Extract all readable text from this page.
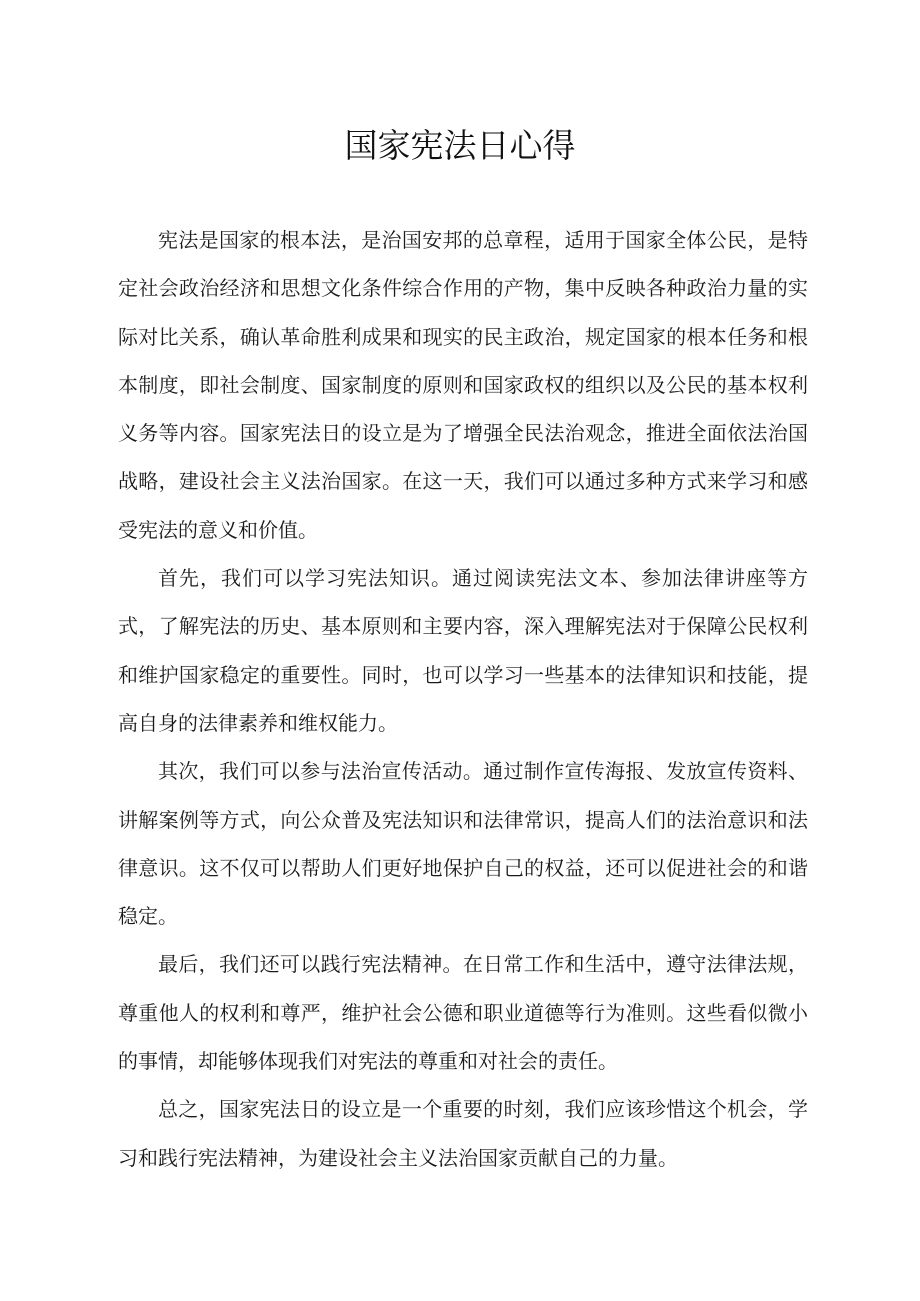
国家宪法日心得

宪法是国家的根本法，是治国安邦的总章程，适用于国家全体公民，是特定社会政治经济和思想文化条件综合作用的产物，集中反映各种政治力量的实际对比关系，确认革命胜利成果和现实的民主政治，规定国家的根本任务和根本制度，即社会制度、国家制度的原则和国家政权的组织以及公民的基本权利义务等内容。国家宪法日的设立是为了增强全民法治观念，推进全面依法治国战略，建设社会主义法治国家。在这一天，我们可以通过多种方式来学习和感受宪法的意义和价值。

首先，我们可以学习宪法知识。通过阅读宪法文本、参加法律讲座等方式，了解宪法的历史、基本原则和主要内容，深入理解宪法对于保障公民权利和维护国家稳定的重要性。同时，也可以学习一些基本的法律知识和技能，提高自身的法律素养和维权能力。

其次，我们可以参与法治宣传活动。通过制作宣传海报、发放宣传资料、讲解案例等方式，向公众普及宪法知识和法律常识，提高人们的法治意识和法律意识。这不仅可以帮助人们更好地保护自己的权益，还可以促进社会的和谐稳定。

最后，我们还可以践行宪法精神。在日常工作和生活中，遵守法律法规，尊重他人的权利和尊严，维护社会公德和职业道德等行为准则。这些看似微小的事情，却能够体现我们对宪法的尊重和对社会的责任。

总之，国家宪法日的设立是一个重要的时刻，我们应该珍惜这个机会，学习和践行宪法精神，为建设社会主义法治国家贡献自己的力量。
